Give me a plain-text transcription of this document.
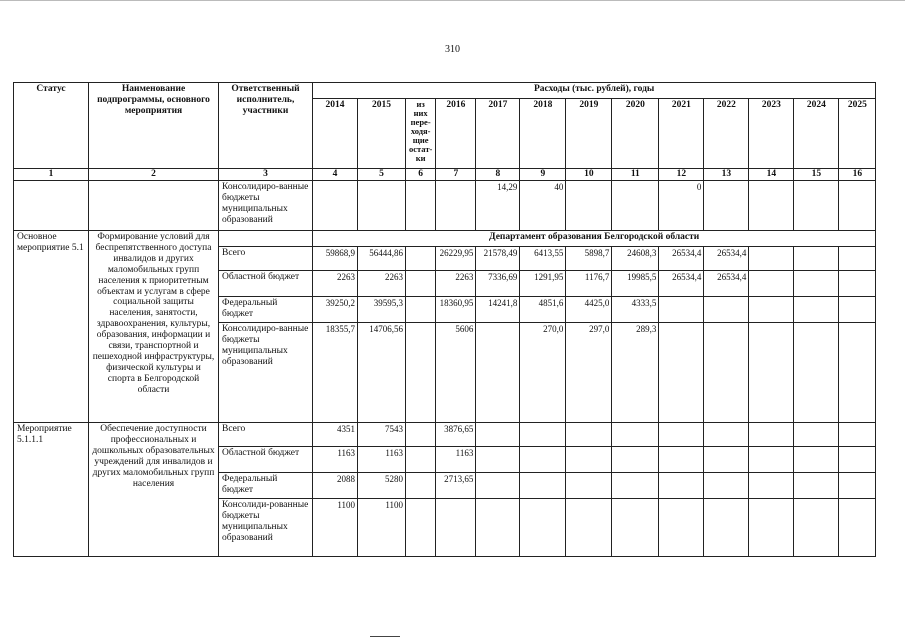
310
Статус	Наименование подпрограммы, основного мероприятия	Ответственный исполнитель, участники	Расходы (тыс. рублей), годы												
			2014	2015	из них пере-ходя-щие остат-ки	2016	2017	2018	2019	2020	2021	2022	2023	2024	2025
1	2	3	4	5	6	7	8	9	10	11	12	13	14	15	16
		Консолидиро-ванные бюджеты муниципальных образований					14,29	40			0				
Основное мероприятие 5.1	Формирование условий для беспрепятственного доступа инвалидов и других маломобильных групп населения к приоритетным объектам и услугам в сфере социальной защиты населения, занятости, здравоохранения, культуры, образования, информации и связи, транспортной и пешеходной инфраструктуры, физической культуры и спорта в Белгородской области		Департамент образования Белгородской области												
		Всего	59868,9	56444,86		26229,95	21578,49	6413,55	5898,7	24608,3	26534,4	26534,4			
		Областной бюджет	2263	2263		2263	7336,69	1291,95	1176,7	19985,5	26534,4	26534,4			
		Федеральный бюджет	39250,2	39595,3		18360,95	14241,8	4851,6	4425,0	4333,5					
		Консолидиро-ванные бюджеты муниципальных образований	18355,7	14706,56		5606		270,0	297,0	289,3					
Мероприятие 5.1.1.1	Обеспечение доступности профессиональных и дошкольных образовательных учреждений для инвалидов и других маломобильных групп населения	Всего	4351	7543		3876,65									
		Областной бюджет	1163	1163		1163									
		Федеральный бюджет	2088	5280		2713,65									
		Консолиди-рованные бюджеты муниципальных образований	1100	1100											
